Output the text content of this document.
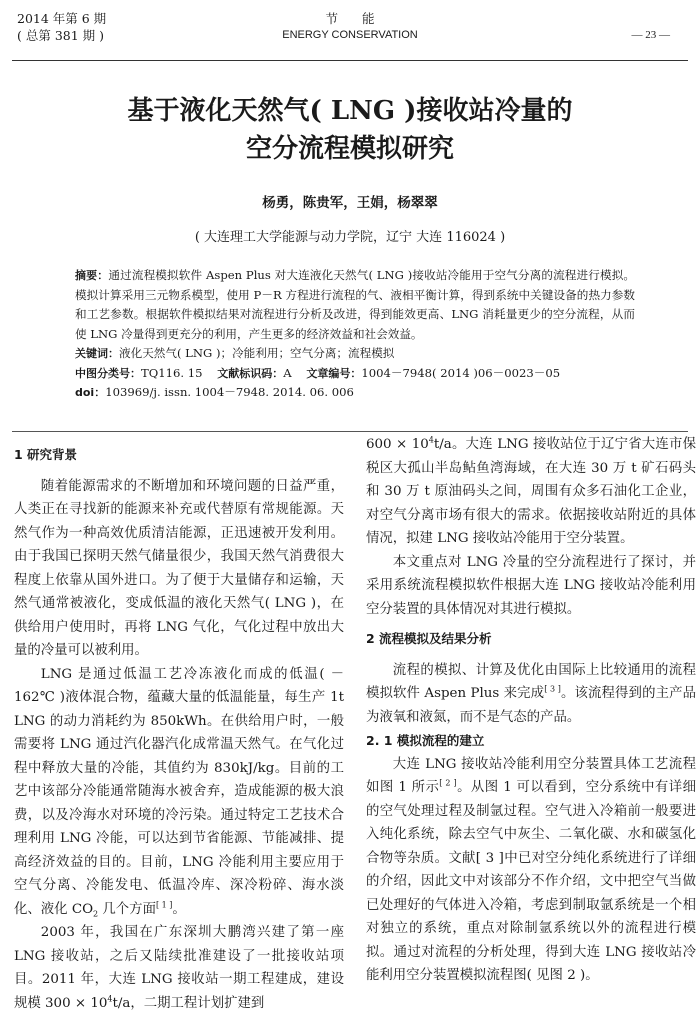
2014 年第 6 期
( 总第 381 期 )
节能
ENERGY CONSERVATION	— 23 —
基于液化天然气( LNG )接收站冷量的
空分流程模拟研究
杨勇，陈贵军，王娟，杨翠翠
( 大连理工大学能源与动力学院，辽宁 大连 116024 )

摘要：通过流程模拟软件 Aspen Plus 对大连液化天然气( LNG )接收站冷能用于空气分离的流程进行模拟。模拟计算采用三元物系模型，使用 P－R 方程进行流程的气、液相平衡计算，得到系统中关键设备的热力参数和工艺参数。根据软件模拟结果对流程进行分析及改进，得到能效更高、LNG 消耗量更少的空分流程，从而使 LNG 冷量得到更充分的利用，产生更多的经济效益和社会效益。

关键词：液化天然气( LNG )；冷能利用；空气分离；流程模拟

中图分类号：TQ116. 15 文献标识码：A 文章编号：1004－7948( 2014 )06－0023－05

doi：103969/j. issn. 1004－7948. 2014. 06. 006

1 研究背景

随着能源需求的不断增加和环境问题的日益严重，人类正在寻找新的能源来补充或代替原有常规能源。天然气作为一种高效优质清洁能源，正迅速被开发利用。由于我国已探明天然气储量很少，我国天然气消费很大程度上依靠从国外进口。为了便于大量储存和运输，天然气通常被液化，变成低温的液化天然气( LNG )，在供给用户使用时，再将 LNG 气化，气化过程中放出大量的冷量可以被利用。

LNG 是通过低温工艺冷冻液化而成的低温( －162℃ )液体混合物，蕴藏大量的低温能量，每生产 1t LNG 的动力消耗约为 850kWh。在供给用户时，一般需要将 LNG 通过汽化器汽化成常温天然气。在气化过程中释放大量的冷能，其值约为 830kJ/kg。目前的工艺中该部分冷能通常随海水被舍弃，造成能源的极大浪费，以及冷海水对环境的冷污染。通过特定工艺技术合理利用 LNG 冷能，可以达到节省能源、节能减排、提高经济效益的目的。目前，LNG 冷能利用主要应用于空气分离、冷能发电、低温冷库、深冷粉碎、海水淡化、液化 $CO_2$ 几个方面[ 1 ]。

2003 年，我国在广东深圳大鹏湾兴建了第一座 LNG 接收站，之后又陆续批准建设了一批接收站项目。2011 年，大连 LNG 接收站一期工程建成，建设规模 $300 \times 10^4t/a$，二期工程计划扩建到

$600 \times 10^4t/a$。大连 LNG 接收站位于辽宁省大连市保税区大孤山半岛鲇鱼湾海域，在大连 30 万 t 矿石码头和 30 万 t 原油码头之间，周围有众多石油化工企业，对空气分离市场有很大的需求。依据接收站附近的具体情况，拟建 LNG 接收站冷能用于空分装置。

本文重点对 LNG 冷量的空分流程进行了探讨，并采用系统流程模拟软件根据大连 LNG 接收站冷能利用空分装置的具体情况对其进行模拟。

2 流程模拟及结果分析

流程的模拟、计算及优化由国际上比较通用的流程模拟软件 Aspen Plus 来完成[ 3 ]。该流程得到的主产品为液氧和液氮，而不是气态的产品。

2. 1 模拟流程的建立

大连 LNG 接收站冷能利用空分装置具体工艺流程如图 1 所示[ 2 ]。从图 1 可以看到，空分系统中有详细的空气处理过程及制氩过程。空气进入冷箱前一般要进入纯化系统，除去空气中灰尘、二氧化碳、水和碳氢化合物等杂质。文献[ 3 ]中已对空分纯化系统进行了详细的介绍，因此文中对该部分不作介绍，文中把空气当做已处理好的气体进入冷箱，考虑到制取氩系统是一个相对独立的系统，重点对除制氩系统以外的流程进行模拟。通过对流程的分析处理，得到大连 LNG 接收站冷能利用空分装置模拟流程图( 见图 2 )。
